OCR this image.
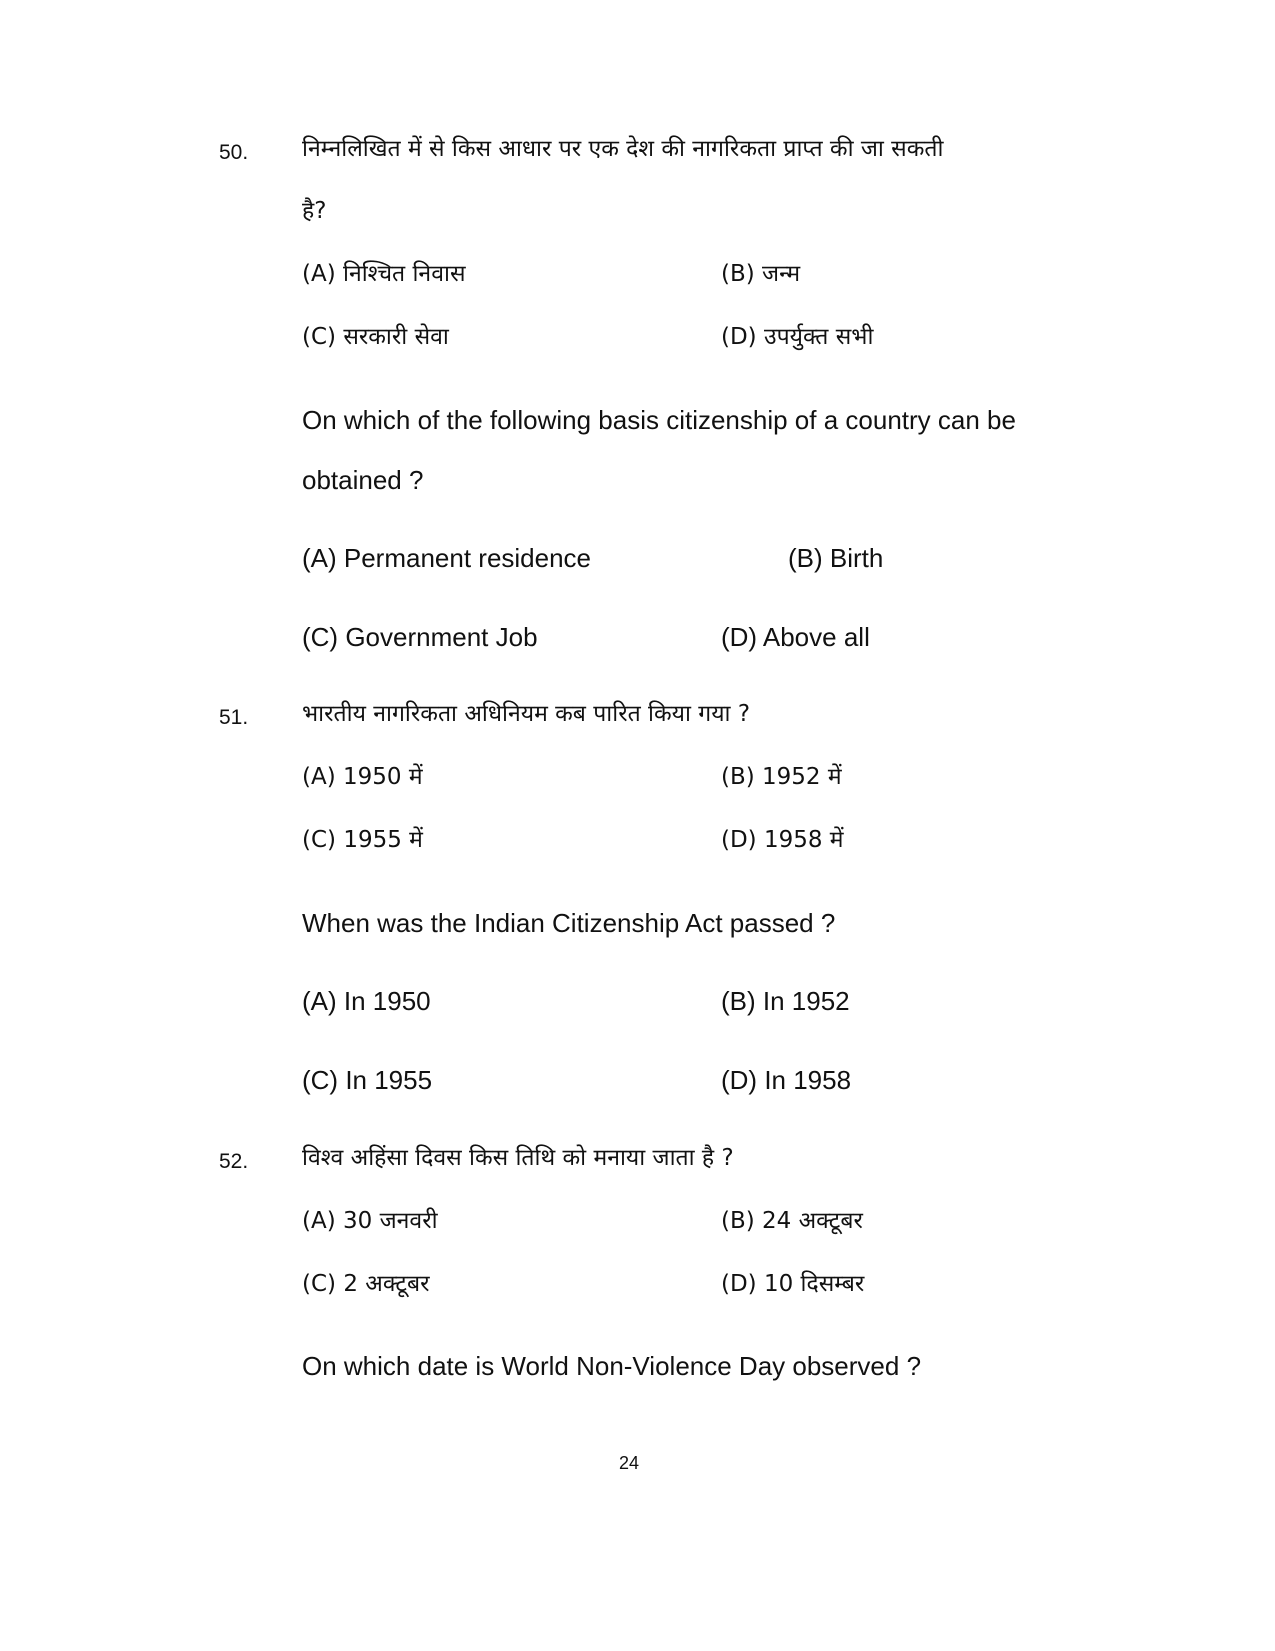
50. निम्नलिखित में से किस आधार पर एक देश की नागरिकता प्राप्त की जा सकती
है?
(A) निश्चित निवास	(B) जन्म
(C) सरकारी सेवा	(D) उपर्युक्त सभी
On which of the following basis citizenship of a country can be
obtained ?
(A) Permanent residence	(B) Birth
(C) Government Job	(D) Above all
51. भारतीय नागरिकता अधिनियम कब पारित किया गया ?
(A) 1950 में	(B) 1952 में
(C) 1955 में	(D) 1958 में
When was the Indian Citizenship Act passed ?
(A) In 1950	(B) In 1952
(C) In 1955	(D) In 1958
52. विश्व अहिंसा दिवस किस तिथि को मनाया जाता है ?
(A) 30 जनवरी	(B) 24 अक्टूबर
(C) 2 अक्टूबर	(D) 10 दिसम्बर
On which date is World Non-Violence Day observed ?
24
